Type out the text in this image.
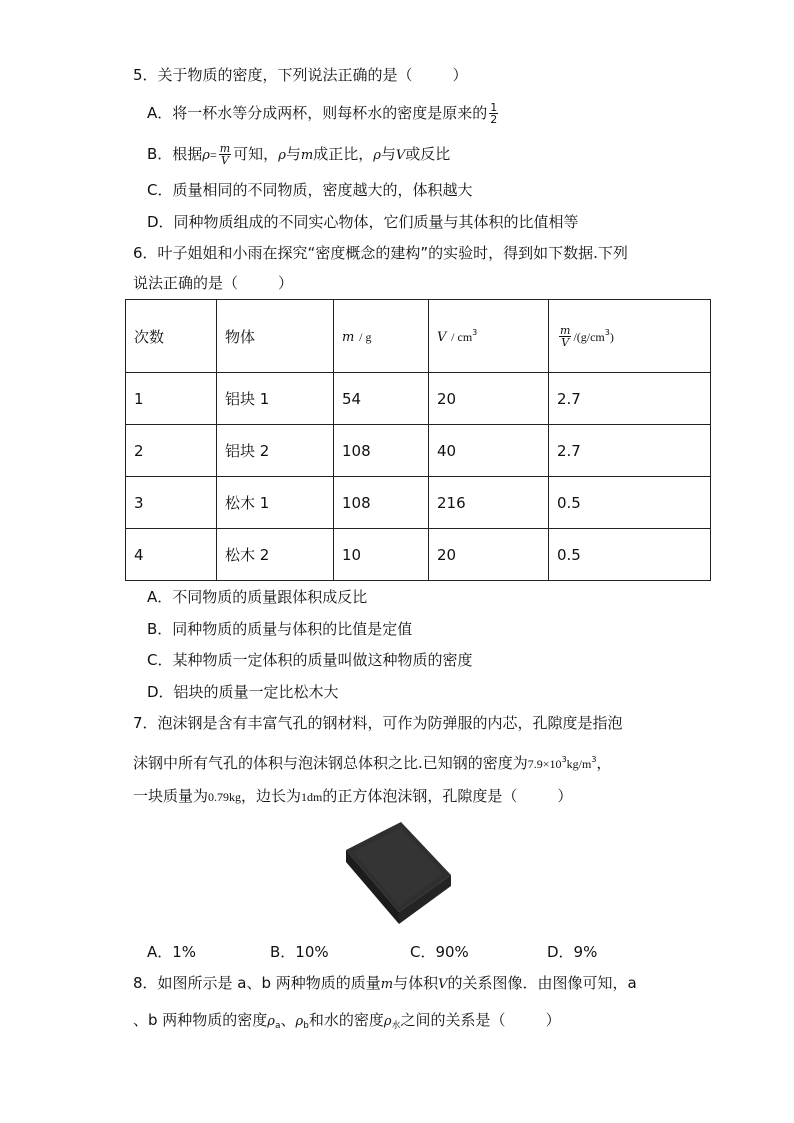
5．关于物质的密度，下列说法正确的是（	）
A．将一杯水等分成两杯，则每杯水的密度是原来的 $\frac{1}{2}$
B．根据$\rho= \frac{m}{V}$ 可知，ρ与m成正比，ρ与V或反比
C．质量相同的不同物质，密度越大的，体积越大
D．同种物质组成的不同实心物体，它们质量与其体积的比值相等
6．叶子姐姐和小雨在探究“密度概念的建构”的实验时，得到如下数据.下列
说法正确的是（	）
次数	物体	m / g	V / $cm^3$	$\frac{m}{V} /(g/cm^3)$
1	铝块 1	54	20	2.7
2	铝块 2	108	40	2.7
3	松木 1	108	216	0.5
4	松木 2	10	20	0.5
A．不同物质的质量跟体积成反比
B．同种物质的质量与体积的比值是定值
C．某种物质一定体积的质量叫做这种物质的密度
D．铝块的质量一定比松木大
7．泡沫钢是含有丰富气孔的钢材料，可作为防弹服的内芯，孔隙度是指泡
沫钢中所有气孔的体积与泡沫钢总体积之比.已知钢的密度为$7.9\times 10^3kg/m^3$，
一块质量为0.79kg，边长为1dm的正方体泡沫钢，孔隙度是（	）
A．1%	B．10%	C．90%	D．9%
8．如图所示是 a、b 两种物质的质量m与体积V的关系图像．由图像可知，a
、b 两种物质的密度$\rho_a$、$\rho_b$和水的密度$\rho_水$之间的关系是（	）
